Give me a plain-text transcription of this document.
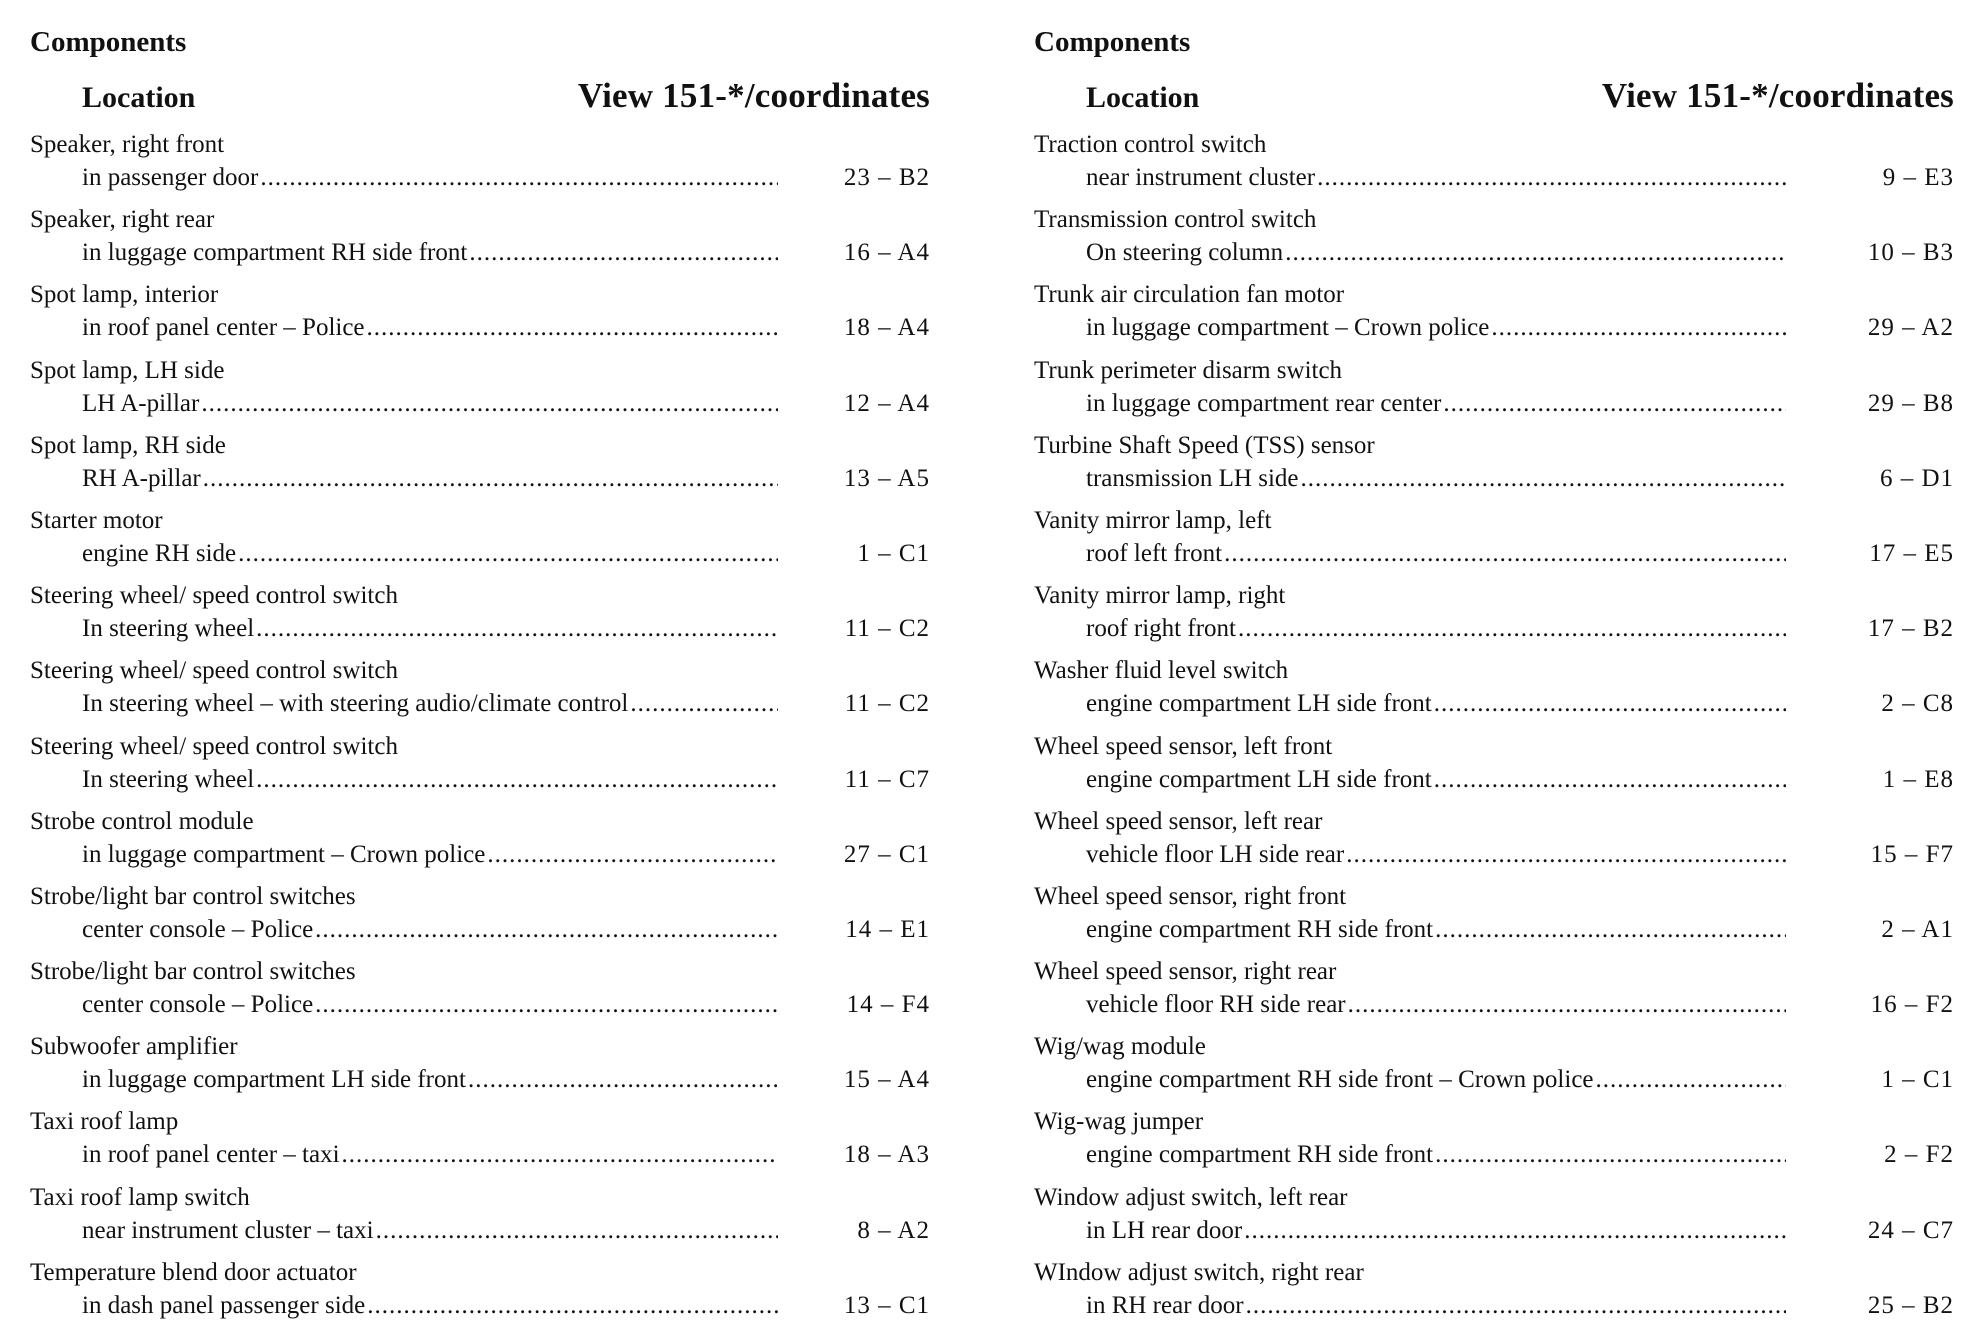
Components
Location	View 151-*/coordinates
Speaker, right front
in passenger door .....	23 – B2
Speaker, right rear
in luggage compartment RH side front .....	16 – A4
Spot lamp, interior
in roof panel center – Police .....	18 – A4
Spot lamp, LH side
LH A-pillar .....	12 – A4
Spot lamp, RH side
RH A-pillar .....	13 – A5
Starter motor
engine RH side .....	1 – C1
Steering wheel/ speed control switch
In steering wheel .....	11 – C2
Steering wheel/ speed control switch
In steering wheel – with steering audio/climate control .....	11 – C2
Steering wheel/ speed control switch
In steering wheel .....	11 – C7
Strobe control module
in luggage compartment – Crown police .....	27 – C1
Strobe/light bar control switches
center console – Police .....	14 – E1
Strobe/light bar control switches
center console – Police .....	14 – F4
Subwoofer amplifier
in luggage compartment LH side front .....	15 – A4
Taxi roof lamp
in roof panel center – taxi .....	18 – A3
Taxi roof lamp switch
near instrument cluster – taxi .....	8 – A2
Temperature blend door actuator
in dash panel passenger side .....	13 – C1
Components
Location	View 151-*/coordinates
Traction control switch
near instrument cluster .....	9 – E3
Transmission control switch
On steering column .....	10 – B3
Trunk air circulation fan motor
in luggage compartment – Crown police .....	29 – A2
Trunk perimeter disarm switch
in luggage compartment rear center .....	29 – B8
Turbine Shaft Speed (TSS) sensor
transmission LH side .....	6 – D1
Vanity mirror lamp, left
roof left front .....	17 – E5
Vanity mirror lamp, right
roof right front .....	17 – B2
Washer fluid level switch
engine compartment LH side front .....	2 – C8
Wheel speed sensor, left front
engine compartment LH side front .....	1 – E8
Wheel speed sensor, left rear
vehicle floor LH side rear .....	15 – F7
Wheel speed sensor, right front
engine compartment RH side front .....	2 – A1
Wheel speed sensor, right rear
vehicle floor RH side rear .....	16 – F2
Wig/wag module
engine compartment RH side front – Crown police .....	1 – C1
Wig-wag jumper
engine compartment RH side front .....	2 – F2
Window adjust switch, left rear
in LH rear door .....	24 – C7
WIndow adjust switch, right rear
in RH rear door .....	25 – B2
